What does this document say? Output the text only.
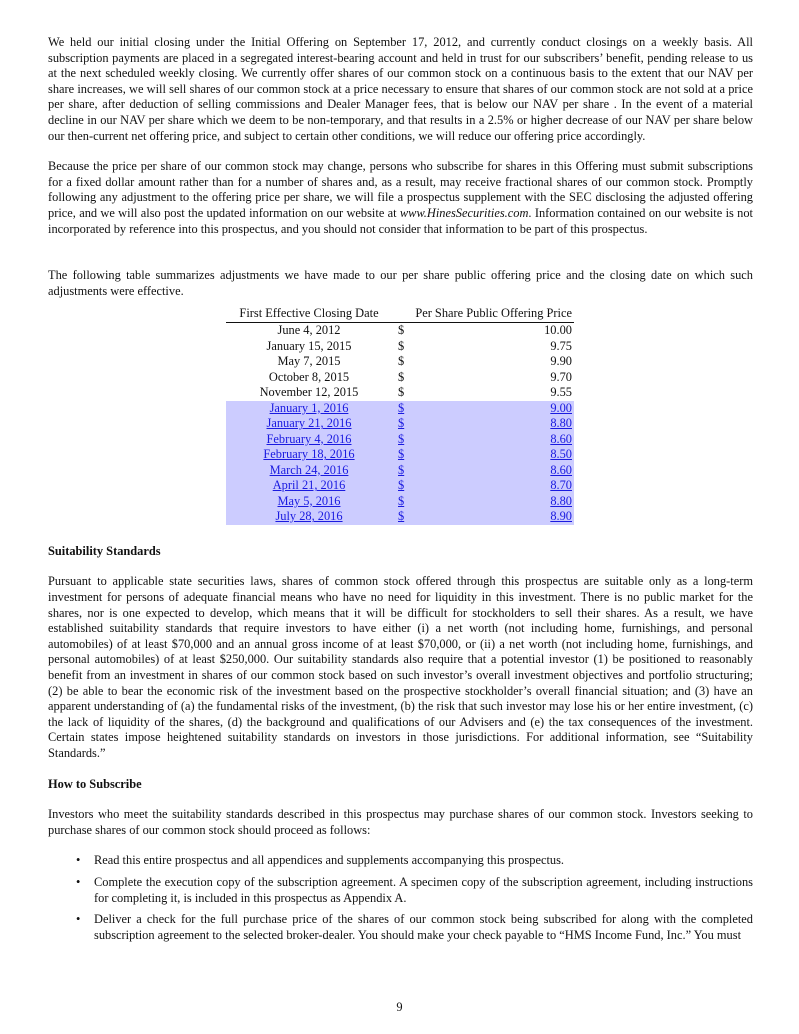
We held our initial closing under the Initial Offering on September 17, 2012, and currently conduct closings on a weekly basis. All subscription payments are placed in a segregated interest-bearing account and held in trust for our subscribers’ benefit, pending release to us at the next scheduled weekly closing. We currently offer shares of our common stock on a continuous basis to the extent that our NAV per share increases, we will sell shares of our common stock at a price necessary to ensure that shares of our common stock are not sold at a price per share, after deduction of selling commissions and Dealer Manager fees, that is below our NAV per share . In the event of a material decline in our NAV per share which we deem to be non-temporary, and that results in a 2.5% or higher decrease of our NAV per share below our then-current net offering price, and subject to certain other conditions, we will reduce our offering price accordingly.

Because the price per share of our common stock may change, persons who subscribe for shares in this Offering must submit subscriptions for a fixed dollar amount rather than for a number of shares and, as a result, may receive fractional shares of our common stock. Promptly following any adjustment to the offering price per share, we will file a prospectus supplement with the SEC disclosing the adjusted offering price, and we will also post the updated information on our website at www.HinesSecurities.com. Information contained on our website is not incorporated by reference into this prospectus, and you should not consider that information to be part of this prospectus.

The following table summarizes adjustments we have made to our per share public offering price and the closing date on which such adjustments were effective.

First Effective Closing Date	Per Share Public Offering Price	
June 4, 2012	$	10.00
January 15, 2015	$	9.75
May 7, 2015	$	9.90
October 8, 2015	$	9.70
November 12, 2015	$	9.55
January 1, 2016	$	9.00
January 21, 2016	$	8.80
February 4, 2016	$	8.60
February 18, 2016	$	8.50
March 24, 2016	$	8.60
April 21, 2016	$	8.70
May 5, 2016	$	8.80
July 28, 2016	$	8.90
Suitability Standards

Pursuant to applicable state securities laws, shares of common stock offered through this prospectus are suitable only as a long-term investment for persons of adequate financial means who have no need for liquidity in this investment. There is no public market for the shares, nor is one expected to develop, which means that it will be difficult for stockholders to sell their shares. As a result, we have established suitability standards that require investors to have either (i) a net worth (not including home, furnishings, and personal automobiles) of at least $70,000 and an annual gross income of at least $70,000, or (ii) a net worth (not including home, furnishings, and personal automobiles) of at least $250,000. Our suitability standards also require that a potential investor (1) be positioned to reasonably benefit from an investment in shares of our common stock based on such investor’s overall investment objectives and portfolio structuring; (2) be able to bear the economic risk of the investment based on the prospective stockholder’s overall financial situation; and (3) have an apparent understanding of (a) the fundamental risks of the investment, (b) the risk that such investor may lose his or her entire investment, (c) the lack of liquidity of the shares, (d) the background and qualifications of our Advisers and (e) the tax consequences of the investment. Certain states impose heightened suitability standards on investors in those jurisdictions. For additional information, see “Suitability Standards.”

How to Subscribe

Investors who meet the suitability standards described in this prospectus may purchase shares of our common stock. Investors seeking to purchase shares of our common stock should proceed as follows:

• Read this entire prospectus and all appendices and supplements accompanying this prospectus.
• Complete the execution copy of the subscription agreement. A specimen copy of the subscription agreement, including instructions for completing it, is included in this prospectus as Appendix A.
• Deliver a check for the full purchase price of the shares of our common stock being subscribed for along with the completed subscription agreement to the selected broker-dealer. You should make your check payable to “HMS Income Fund, Inc.” You must
9
